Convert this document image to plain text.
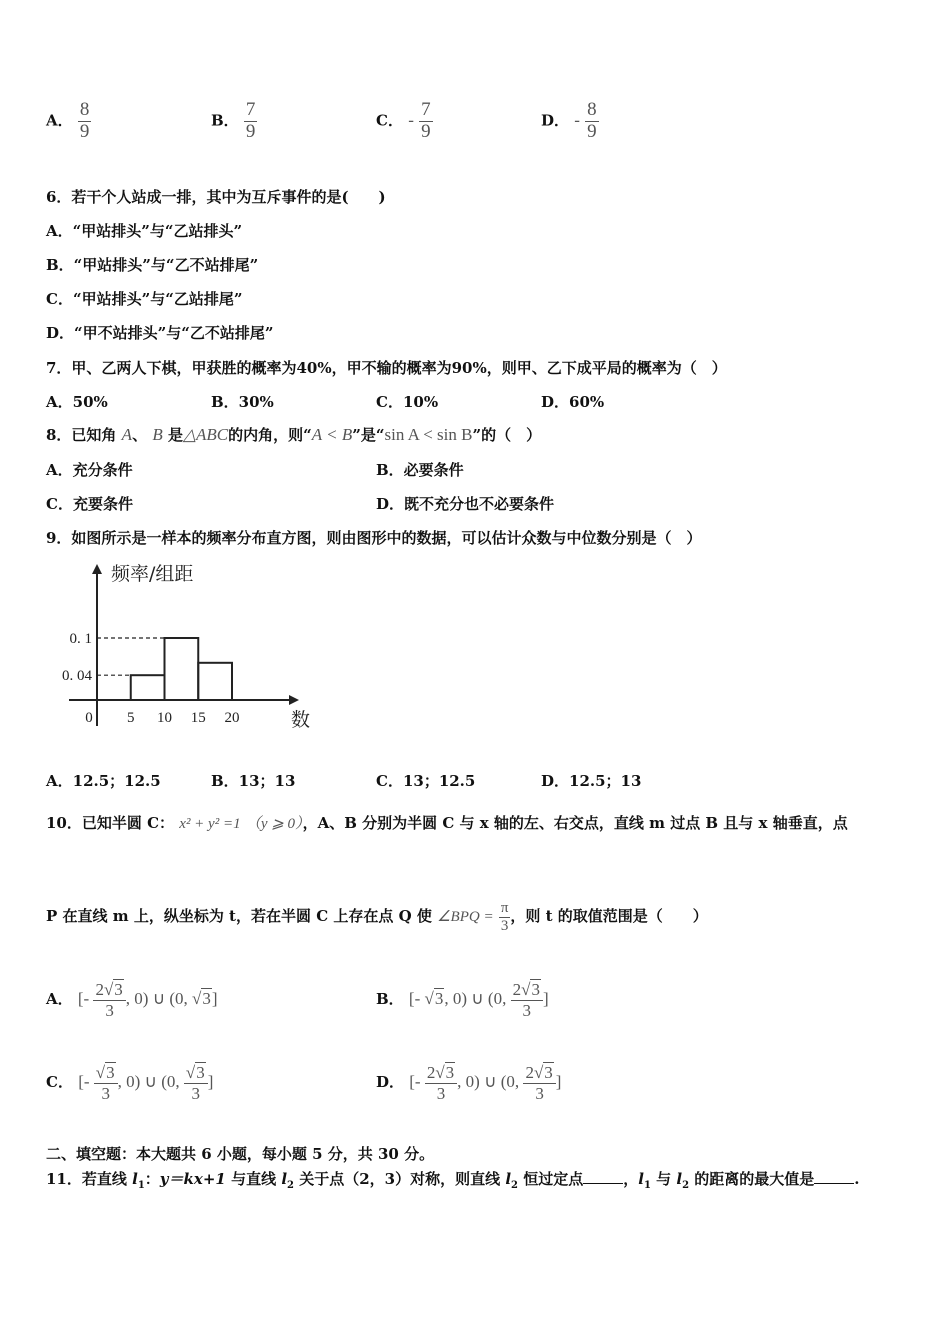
A． $\frac{8}{9}$	B． $\frac{7}{9}$	C． - $\frac{7}{9}$	D． - $\frac{8}{9}$
6．若干个人站成一排，其中为互斥事件的是(　　)
A．“甲站排头”与“乙站排头”
B．“甲站排头”与“乙不站排尾”
C．“甲站排头”与“乙站排尾”
D．“甲不站排头”与“乙不站排尾”
7．甲、乙两人下棋，甲获胜的概率为40%，甲不输的概率为90%，则甲、乙下成平局的概率为（　）
A．50%	B．30%	C．10%	D．60%
8．已知角 A、 B 是△ABC的内角，则“A < B”是“sin A < sin B”的（　）
A．充分条件	B．必要条件
C．充要条件	D．既不充分也不必要条件
9．如图所示是一样本的频率分布直方图，则由图形中的数据，可以估计众数与中位数分别是（　）
0. 1
0. 04
0 5 10 15 20
频率/组距
数
A．12.5；12.5	B．13；13	C．13；12.5	D．12.5；13
10．已知半圆 C： x² + y² =1 （y ⩾ 0），A、B 分别为半圆 C 与 x 轴的左、右交点，直线 m 过点 B 且与 x 轴垂直，点
P 在直线 m 上，纵坐标为 t，若在半圆 C 上存在点 Q 使 ∠BPQ = $\frac{\pi}{3}$ ，则 t 的取值范围是（　　）
A． [- $\frac{2√3}{3}$ , 0) ∪ (0, √3]	B． [- √3, 0) ∪ (0, $\frac{2√3}{3}$ ]
C． [- $\frac{√3}{3}$ , 0) ∪ (0, $\frac{√3}{3}$ ]	D． [- $\frac{2√3}{3}$ , 0) ∪ (0, $\frac{2√3}{3}$ ]
二、填空题：本大题共 6 小题，每小题 5 分，共 30 分。
11．若直线 $l_1$：y＝kx+1 与直线 $l_2$ 关于点（2，3）对称，则直线 $l_2$ 恒过定点	，$l_1$ 与 $l_2$ 的距离的最大值是	.
